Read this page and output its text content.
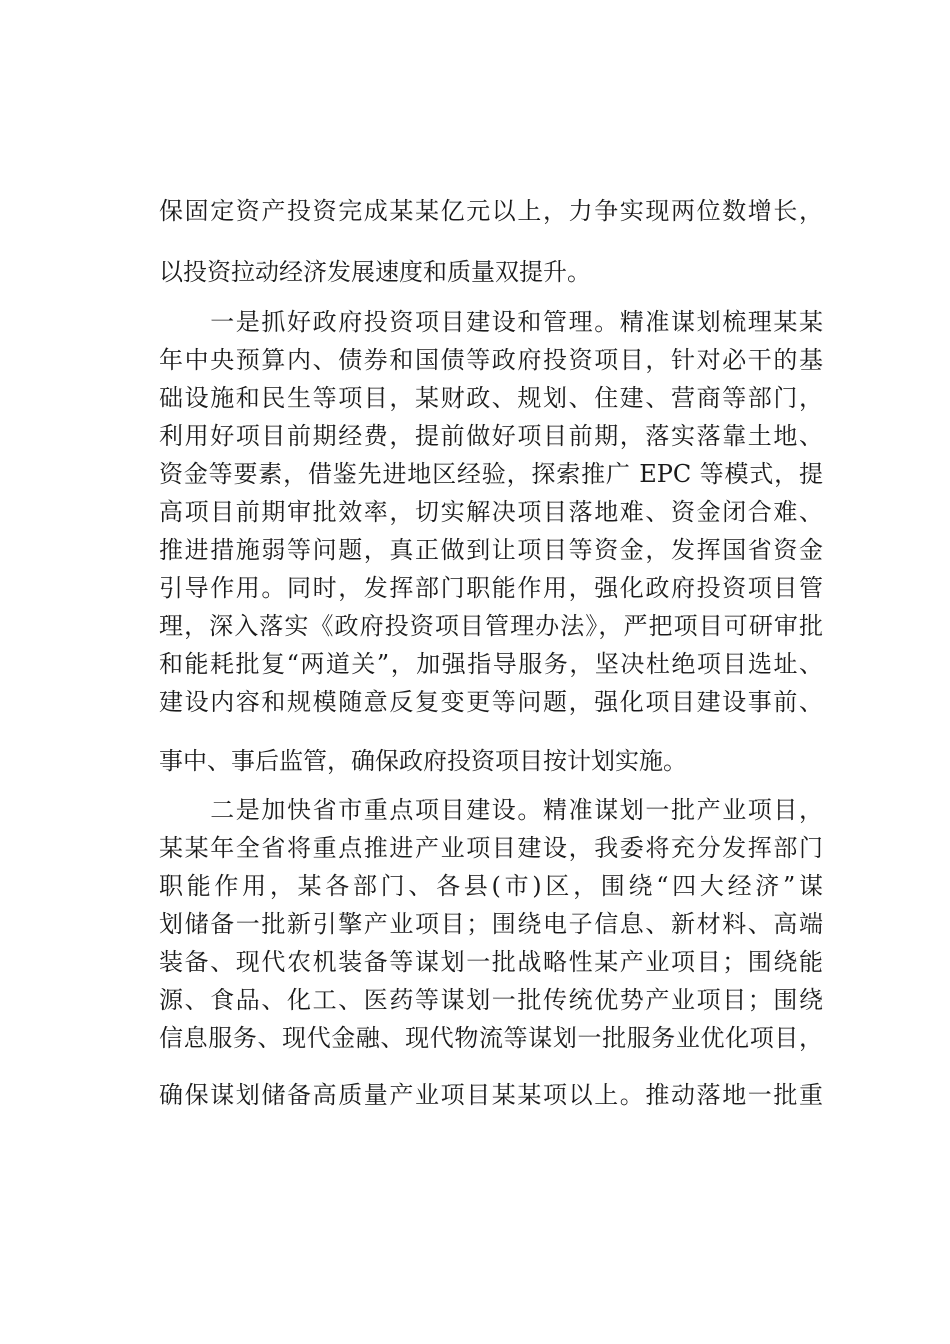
保固定资产投资完成某某亿元以上，力争实现两位数增长，
以投资拉动经济发展速度和质量双提升。
　　一是抓好政府投资项目建设和管理。精准谋划梳理某某
年中央预算内、债券和国债等政府投资项目，针对必干的基
础设施和民生等项目，某财政、规划、住建、营商等部门，
利用好项目前期经费，提前做好项目前期，落实落靠土地、
资金等要素，借鉴先进地区经验，探索推广 EPC 等模式，提
高项目前期审批效率，切实解决项目落地难、资金闭合难、
推进措施弱等问题，真正做到让项目等资金，发挥国省资金
引导作用。同时，发挥部门职能作用，强化政府投资项目管
理，深入落实《政府投资项目管理办法》，严把项目可研审批
和能耗批复“两道关”，加强指导服务，坚决杜绝项目选址、
建设内容和规模随意反复变更等问题，强化项目建设事前、
事中、事后监管，确保政府投资项目按计划实施。
　　二是加快省市重点项目建设。精准谋划一批产业项目，
某某年全省将重点推进产业项目建设，我委将充分发挥部门
职能作用，某各部门、各县(市)区，围绕“四大经济”谋
划储备一批新引擎产业项目；围绕电子信息、新材料、高端
装备、现代农机装备等谋划一批战略性某产业项目；围绕能
源、食品、化工、医药等谋划一批传统优势产业项目；围绕
信息服务、现代金融、现代物流等谋划一批服务业优化项目，
确保谋划储备高质量产业项目某某项以上。推动落地一批重
